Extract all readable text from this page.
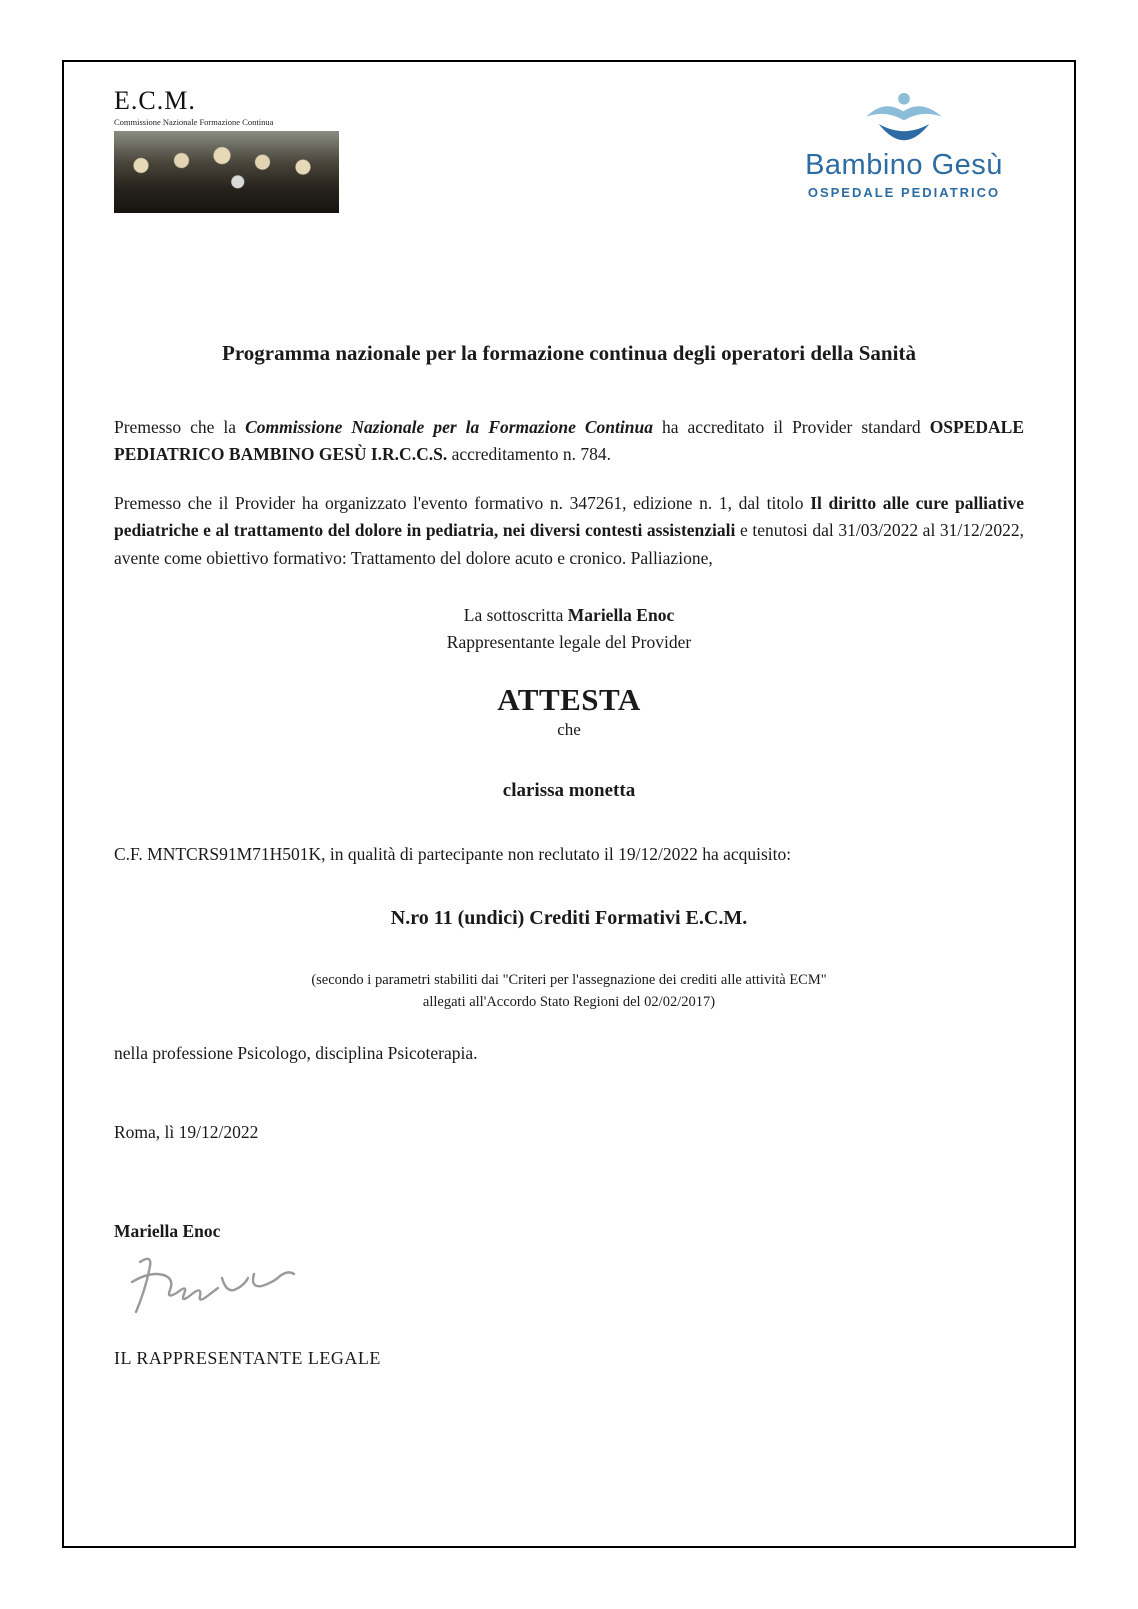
E.C.M.
Commissione Nazionale Formazione Continua
Bambino Gesù
OSPEDALE PEDIATRICO
Programma nazionale per la formazione continua degli operatori della Sanità

Premesso che la Commissione Nazionale per la Formazione Continua ha accreditato il Provider standard OSPEDALE PEDIATRICO BAMBINO GESÙ I.R.C.C.S. accreditamento n. 784.

Premesso che il Provider ha organizzato l'evento formativo n. 347261, edizione n. 1, dal titolo Il diritto alle cure palliative pediatriche e al trattamento del dolore in pediatria, nei diversi contesti assistenziali e tenutosi dal 31/03/2022 al 31/12/2022, avente come obiettivo formativo: Trattamento del dolore acuto e cronico. Palliazione,

La sottoscritta Mariella Enoc
Rappresentante legale del Provider
ATTESTA
che
clarissa monetta
C.F. MNTCRS91M71H501K, in qualità di partecipante non reclutato il 19/12/2022 ha acquisito:
N.ro 11 (undici) Crediti Formativi E.C.M.
(secondo i parametri stabiliti dai "Criteri per l'assegnazione dei crediti alle attività ECM"
allegati all'Accordo Stato Regioni del 02/02/2017)
nella professione Psicologo, disciplina Psicoterapia.
Roma, lì 19/12/2022
Mariella Enoc
IL RAPPRESENTANTE LEGALE
